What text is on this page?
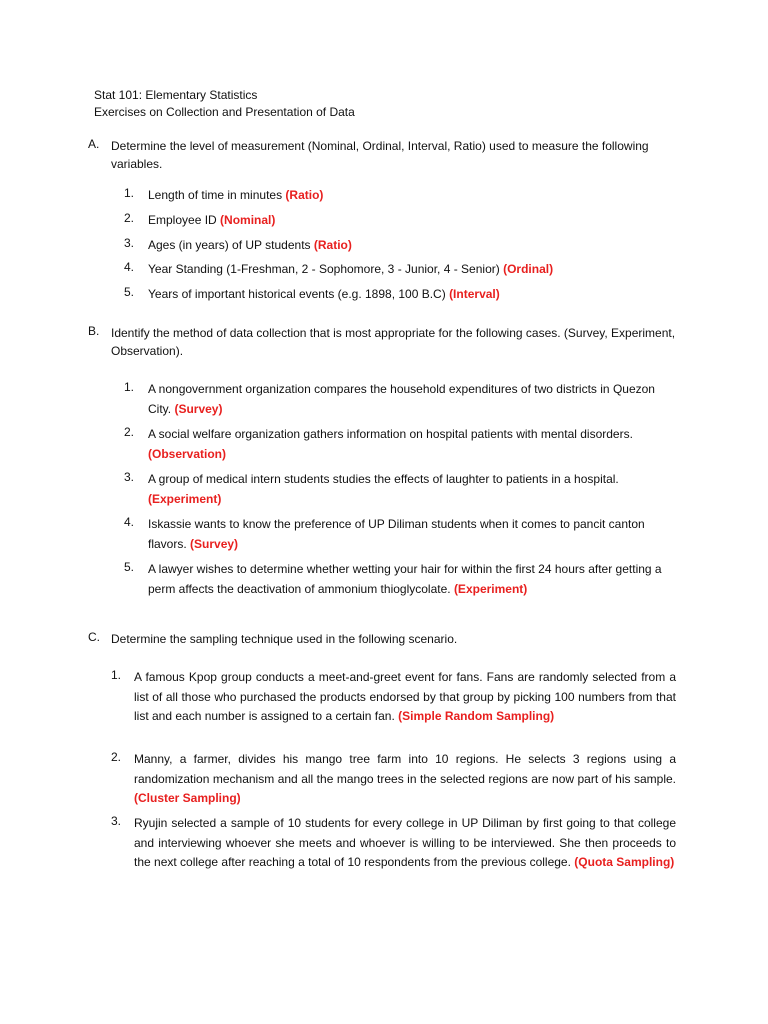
Stat 101: Elementary Statistics
Exercises on Collection and Presentation of Data
A. Determine the level of measurement (Nominal, Ordinal, Interval, Ratio) used to measure the following variables.
1. Length of time in minutes (Ratio)
2. Employee ID (Nominal)
3. Ages (in years) of UP students (Ratio)
4. Year Standing (1-Freshman, 2 - Sophomore, 3 - Junior, 4 - Senior) (Ordinal)
5. Years of important historical events (e.g. 1898, 100 B.C) (Interval)
B. Identify the method of data collection that is most appropriate for the following cases. (Survey, Experiment, Observation).
1. A nongovernment organization compares the household expenditures of two districts in Quezon City. (Survey)
2. A social welfare organization gathers information on hospital patients with mental disorders. (Observation)
3. A group of medical intern students studies the effects of laughter to patients in a hospital. (Experiment)
4. Iskassie wants to know the preference of UP Diliman students when it comes to pancit canton flavors. (Survey)
5. A lawyer wishes to determine whether wetting your hair for within the first 24 hours after getting a perm affects the deactivation of ammonium thioglycolate. (Experiment)
C. Determine the sampling technique used in the following scenario.
1. A famous Kpop group conducts a meet-and-greet event for fans. Fans are randomly selected from a list of all those who purchased the products endorsed by that group by picking 100 numbers from that list and each number is assigned to a certain fan. (Simple Random Sampling)
2. Manny, a farmer, divides his mango tree farm into 10 regions. He selects 3 regions using a randomization mechanism and all the mango trees in the selected regions are now part of his sample. (Cluster Sampling)
3. Ryujin selected a sample of 10 students for every college in UP Diliman by first going to that college and interviewing whoever she meets and whoever is willing to be interviewed. She then proceeds to the next college after reaching a total of 10 respondents from the previous college. (Quota Sampling)
